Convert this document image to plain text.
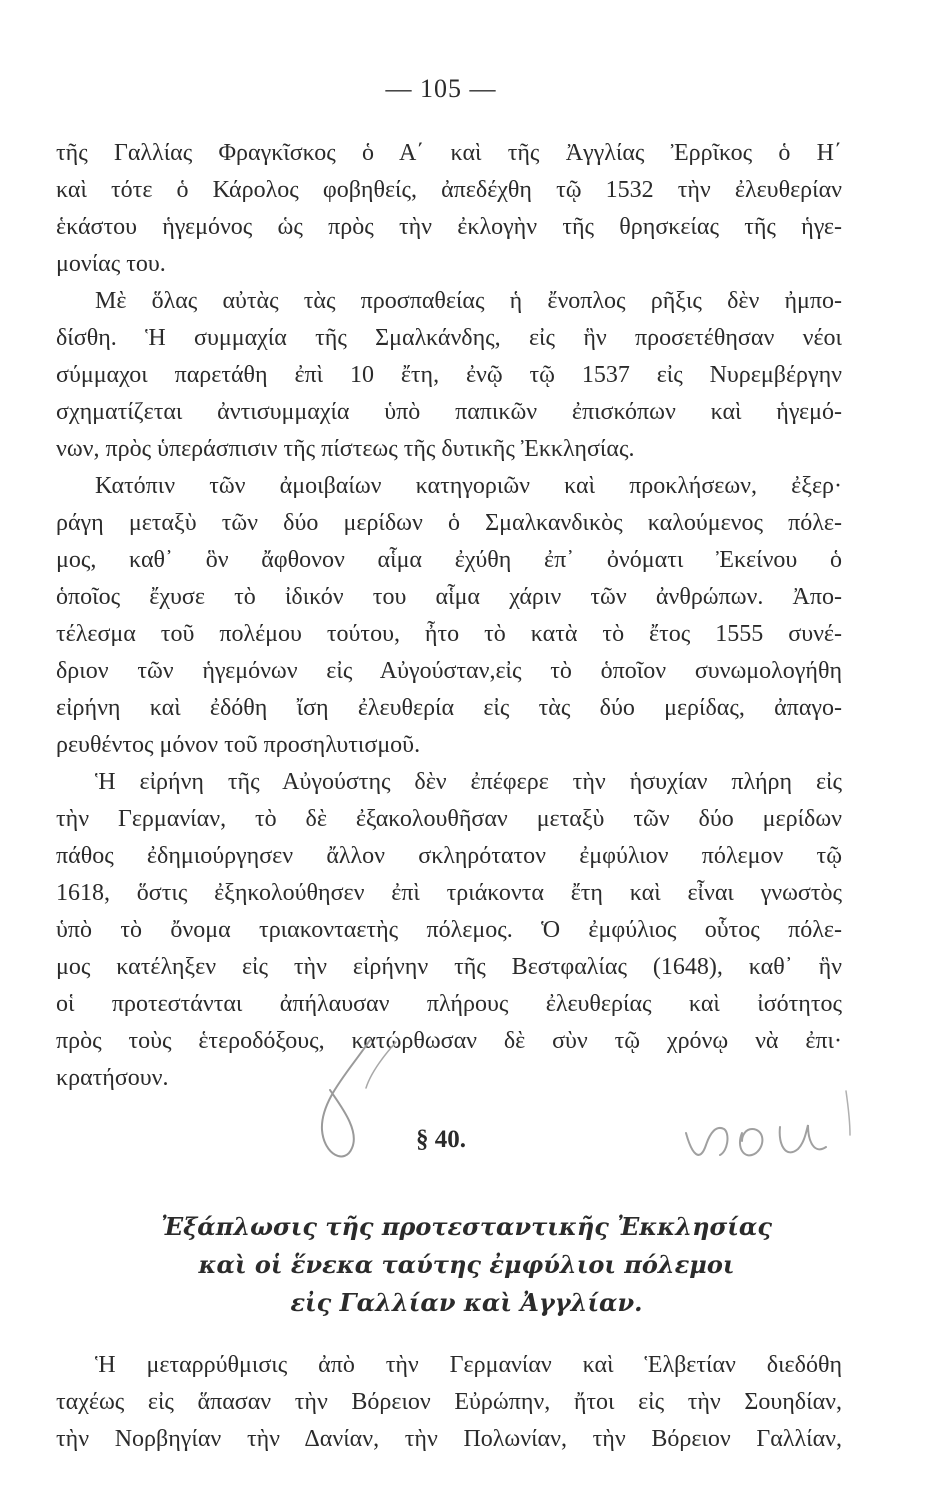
— 105 —
τῆς Γαλλίας Φραγκῖσκος ὁ Α΄ καὶ τῆς Ἀγγλίας Ἐρρῖκος ὁ Η΄
καὶ τότε ὁ Κάρολος φοβηθείς, ἀπεδέχθη τῷ 1532 τὴν ἐλευθερίαν
ἑκάστου ἡγεμόνος ὡς πρὸς τὴν ἐκλογὴν τῆς θρησκείας τῆς ἡγε-
μονίας του.
Μὲ ὅλας αὐτὰς τὰς προσπαθείας ἡ ἔνοπλος ρῆξις δὲν ἠμπο-
δίσθη. Ἡ συμμαχία τῆς Σμαλκάνδης, εἰς ἣν προσετέθησαν νέοι
σύμμαχοι παρετάθη ἐπὶ 10 ἔτη, ἐνῷ τῷ 1537 εἰς Νυρεμβέργην
σχηματίζεται ἀντισυμμαχία ὑπὸ παπικῶν ἐπισκόπων καὶ ἡγεμό-
νων, πρὸς ὑπεράσπισιν τῆς πίστεως τῆς δυτικῆς Ἐκκλησίας.
Κατόπιν τῶν ἀμοιβαίων κατηγοριῶν καὶ προκλήσεων, ἐξερ·
ράγη μεταξὺ τῶν δύο μερίδων ὁ Σμαλκανδικὸς καλούμενος πόλε-
μος, καθ᾿ ὃν ἄφθονον αἷμα ἐχύθη ἐπ᾿ ὀνόματι Ἐκείνου ὁ
ὁποῖος ἔχυσε τὸ ἰδικόν του αἷμα χάριν τῶν ἀνθρώπων. Ἀπο-
τέλεσμα τοῦ πολέμου τούτου, ἦτο τὸ κατὰ τὸ ἔτος 1555 συνέ-
δριον τῶν ἡγεμόνων εἰς Αὐγούσταν,εἰς τὸ ὁποῖον συνωμολογήθη
εἰρήνη καὶ ἐδόθη ἴση ἐλευθερία εἰς τὰς δύο μερίδας, ἀπαγο-
ρευθέντος μόνον τοῦ προσηλυτισμοῦ.
Ἡ εἰρήνη τῆς Αὐγούστης δὲν ἐπέφερε τὴν ἡσυχίαν πλήρη εἰς
τὴν Γερμανίαν, τὸ δὲ ἐξακολουθῆσαν μεταξὺ τῶν δύο μερίδων
πάθος ἐδημιούργησεν ἄλλον σκληρότατον ἐμφύλιον πόλεμον τῷ
1618, ὅστις ἐξηκολούθησεν ἐπὶ τριάκοντα ἔτη καὶ εἶναι γνωστὸς
ὑπὸ τὸ ὄνομα τριακονταετὴς πόλεμος. Ὁ ἐμφύλιος οὗτος πόλε-
μος κατέληξεν εἰς τὴν εἰρήνην τῆς Βεστφαλίας (1648), καθ᾿ ἣν
οἱ προτεστάνται ἀπήλαυσαν πλήρους ἐλευθερίας καὶ ἰσότητος
πρὸς τοὺς ἑτεροδόξους, κατώρθωσαν δὲ σὺν τῷ χρόνῳ νὰ ἐπι·
κρατήσουν.
§ 40.
Ἐξάπλωσις τῆς προτεσταντικῆς Ἐκκλησίας
καὶ οἱ ἕνεκα ταύτης ἐμφύλιοι πόλεμοι
εἰς Γαλλίαν καὶ Ἀγγλίαν.
Ἡ μεταρρύθμισις ἀπὸ τὴν Γερμανίαν καὶ Ἑλβετίαν διεδόθη
ταχέως εἰς ἅπασαν τὴν Βόρειον Εὐρώπην, ἤτοι εἰς τὴν Σουηδίαν,
τὴν Νορβηγίαν τὴν Δανίαν, τὴν Πολωνίαν, τὴν Βόρειον Γαλλίαν,
